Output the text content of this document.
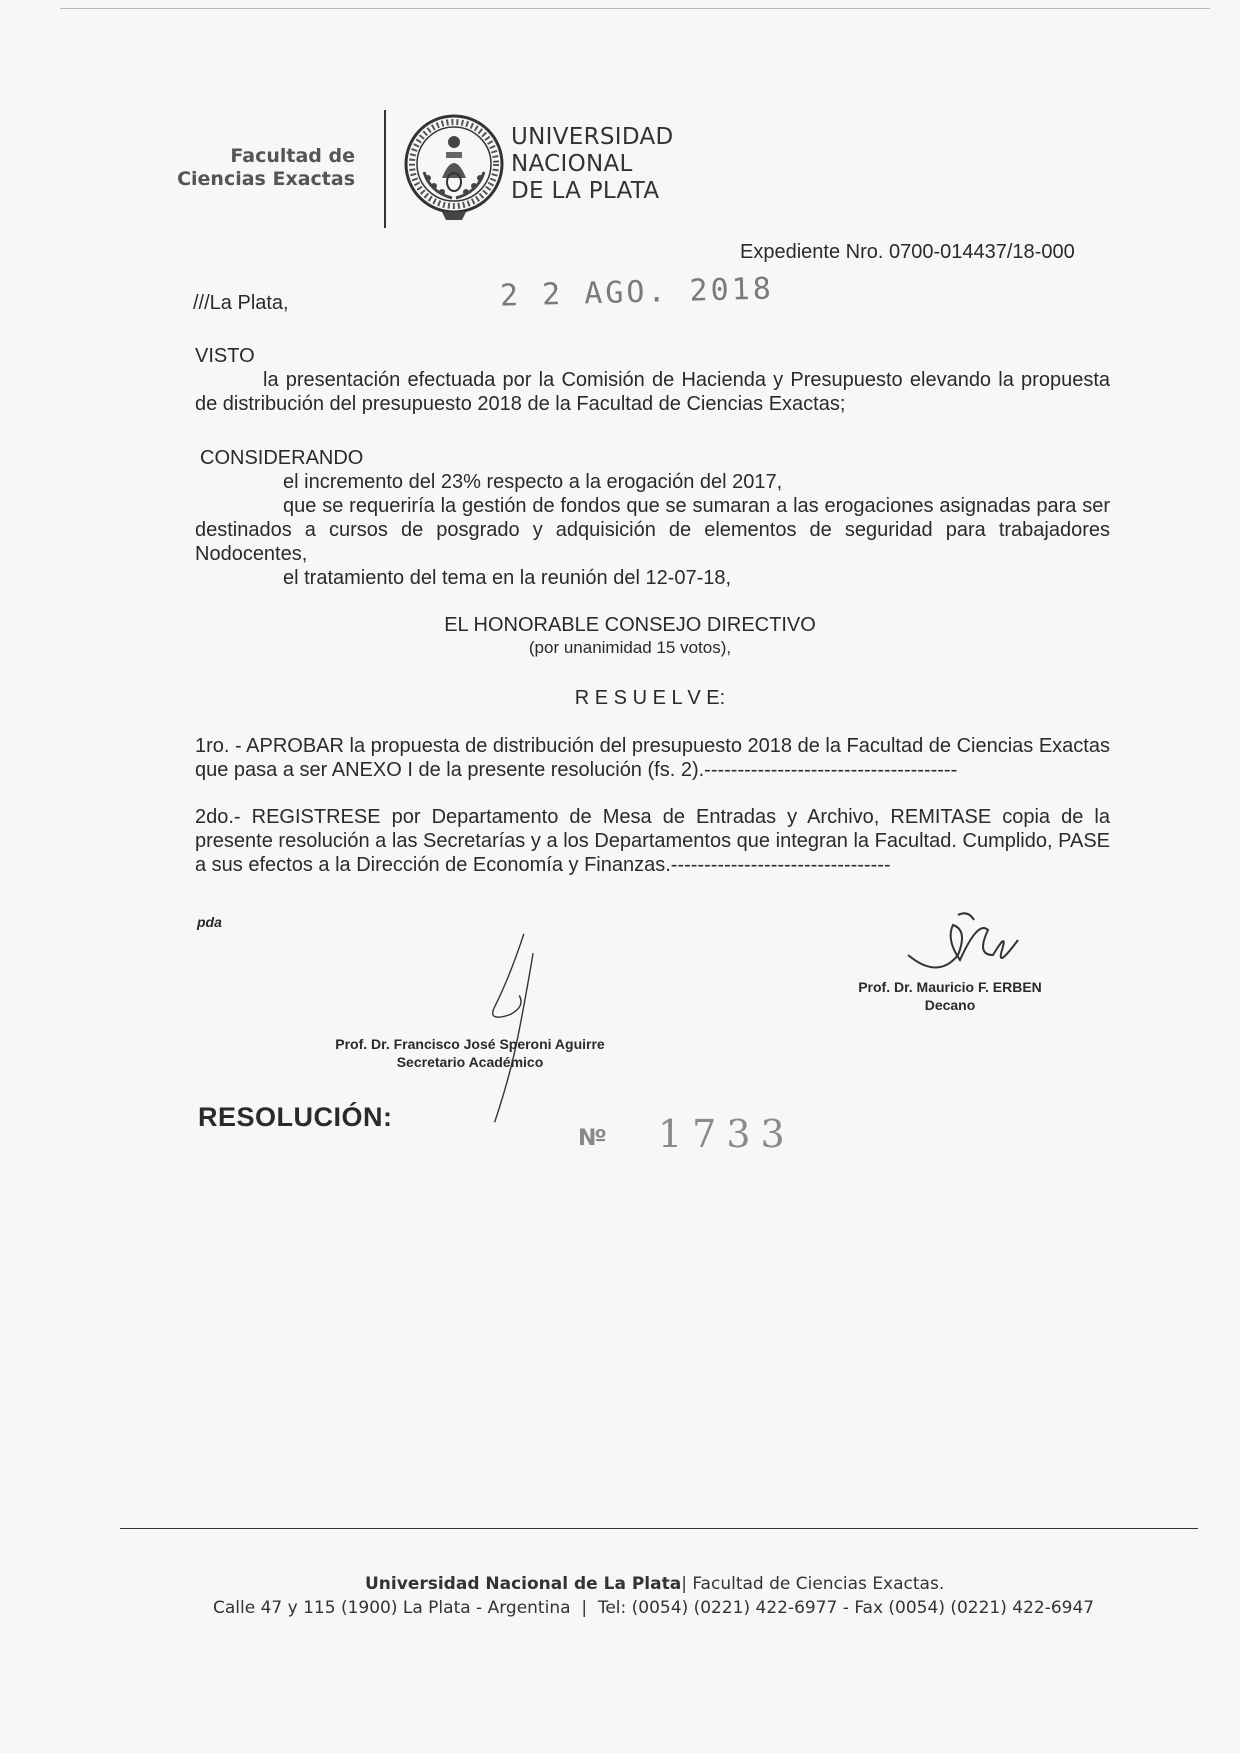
Facultad de
Ciencias Exactas
UNIVERSIDAD
NACIONAL
DE LA PLATA
Expediente Nro. 0700-014437/18-000
///La Plata,	2 2 AGO. 2018
VISTO
la presentación efectuada por la Comisión de Hacienda y Presupuesto elevando la propuesta de distribución del presupuesto 2018 de la Facultad de Ciencias Exactas;
CONSIDERANDO
el incremento del 23% respecto a la erogación del 2017,
que se requeriría la gestión de fondos que se sumaran a las erogaciones asignadas para ser destinados a cursos de posgrado y adquisición de elementos de seguridad para trabajadores Nodocentes,
el tratamiento del tema en la reunión del 12-07-18,
EL HONORABLE CONSEJO DIRECTIVO
(por unanimidad 15 votos),
R E S U E L V E:
1ro. - APROBAR la propuesta de distribución del presupuesto 2018 de la Facultad de Ciencias Exactas que pasa a ser ANEXO I de la presente resolución (fs. 2).--------------------------------------
2do.- REGISTRESE por Departamento de Mesa de Entradas y Archivo, REMITASE copia de la presente resolución a las Secretarías y a los Departamentos que integran la Facultad. Cumplido, PASE a sus efectos a la Dirección de Economía y Finanzas.---------------------------------
pda
Prof. Dr. Mauricio F. ERBEN
Decano
Prof. Dr. Francisco José Speroni Aguirre
Secretario Académico
RESOLUCIÓN:
Nº 1733
Universidad Nacional de La Plata| Facultad de Ciencias Exactas.
Calle 47 y 115 (1900) La Plata - Argentina  |  Tel: (0054) (0221) 422-6977 - Fax (0054) (0221) 422-6947
